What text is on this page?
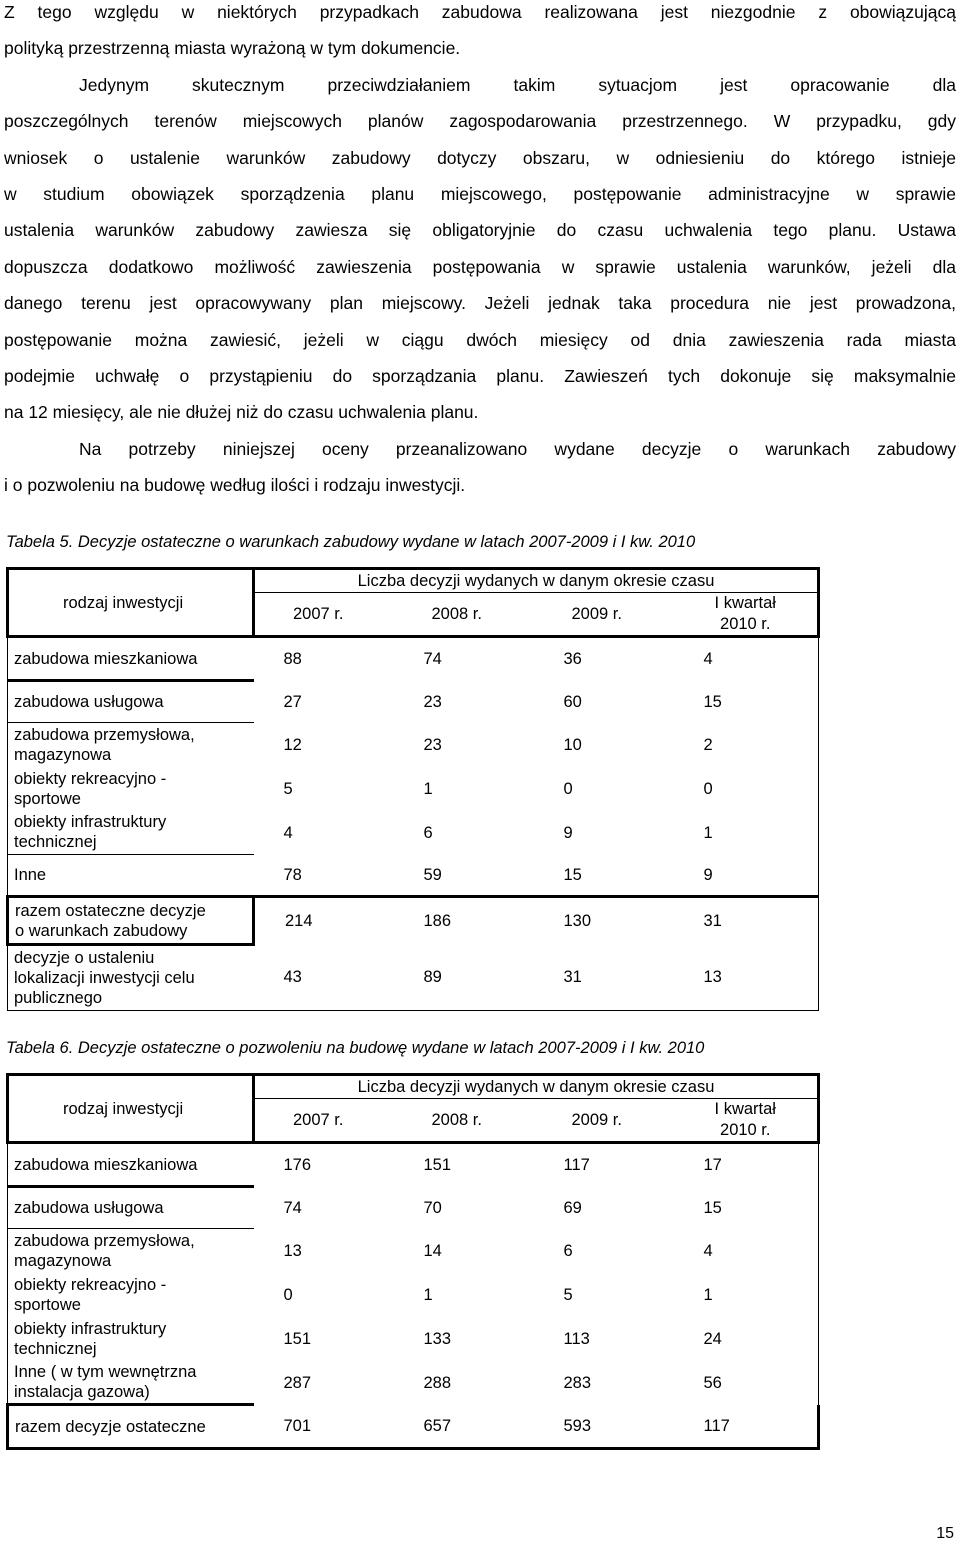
Z tego względu w niektórych przypadkach zabudowa realizowana jest niezgodnie z obowiązującą
polityką przestrzenną miasta wyrażoną w tym dokumencie.
Jedynym skutecznym przeciwdziałaniem takim sytuacjom jest opracowanie dla
poszczególnych terenów miejscowych planów zagospodarowania przestrzennego. W przypadku, gdy
wniosek o ustalenie warunków zabudowy dotyczy obszaru, w odniesieniu do którego istnieje
w studium obowiązek sporządzenia planu miejscowego, postępowanie administracyjne w sprawie
ustalenia warunków zabudowy zawiesza się obligatoryjnie do czasu uchwalenia tego planu. Ustawa
dopuszcza dodatkowo możliwość zawieszenia postępowania w sprawie ustalenia warunków, jeżeli dla
danego terenu jest opracowywany plan miejscowy. Jeżeli jednak taka procedura nie jest prowadzona,
postępowanie można zawiesić, jeżeli w ciągu dwóch miesięcy od dnia zawieszenia rada miasta
podejmie uchwałę o przystąpieniu do sporządzania planu. Zawieszeń tych dokonuje się maksymalnie
na 12 miesięcy, ale nie dłużej niż do czasu uchwalenia planu.
Na potrzeby niniejszej oceny przeanalizowano wydane decyzje o warunkach zabudowy
i o pozwoleniu na budowę według ilości i rodzaju inwestycji.
Tabela 5. Decyzje ostateczne o warunkach zabudowy wydane w latach 2007-2009 i I kw. 2010
rodzaj inwestycji	Liczba decyzji wydanych w danym okresie czasu			
	2007 r.	2008 r.	2009 r.	I kwartał
2010 r.

zabudowa mieszkaniowa	88	74	36	4

zabudowa usługowa	27	23	60	15

zabudowa przemysłowa,
magazynowa	12	23	10	2

obiekty rekreacyjno -
sportowe	5	1	0	0

obiekty infrastruktury
technicznej	4	6	9	1

Inne	78	59	15	9

razem ostateczne decyzje
o warunkach zabudowy	214	186	130	31

decyzje o ustaleniu
lokalizacji inwestycji celu
publicznego	43	89	31	13
Tabela 6. Decyzje ostateczne o pozwoleniu na budowę wydane w latach 2007-2009 i I kw. 2010
rodzaj inwestycji	Liczba decyzji wydanych w danym okresie czasu			
	2007 r.	2008 r.	2009 r.	I kwartał
2010 r.

zabudowa mieszkaniowa	176	151	117	17

zabudowa usługowa	74	70	69	15

zabudowa przemysłowa,
magazynowa	13	14	6	4

obiekty rekreacyjno -
sportowe	0	1	5	1

obiekty infrastruktury
technicznej	151	133	113	24

Inne ( w tym wewnętrzna
instalacja gazowa)	287	288	283	56

razem decyzje ostateczne	701	657	593	117
15
